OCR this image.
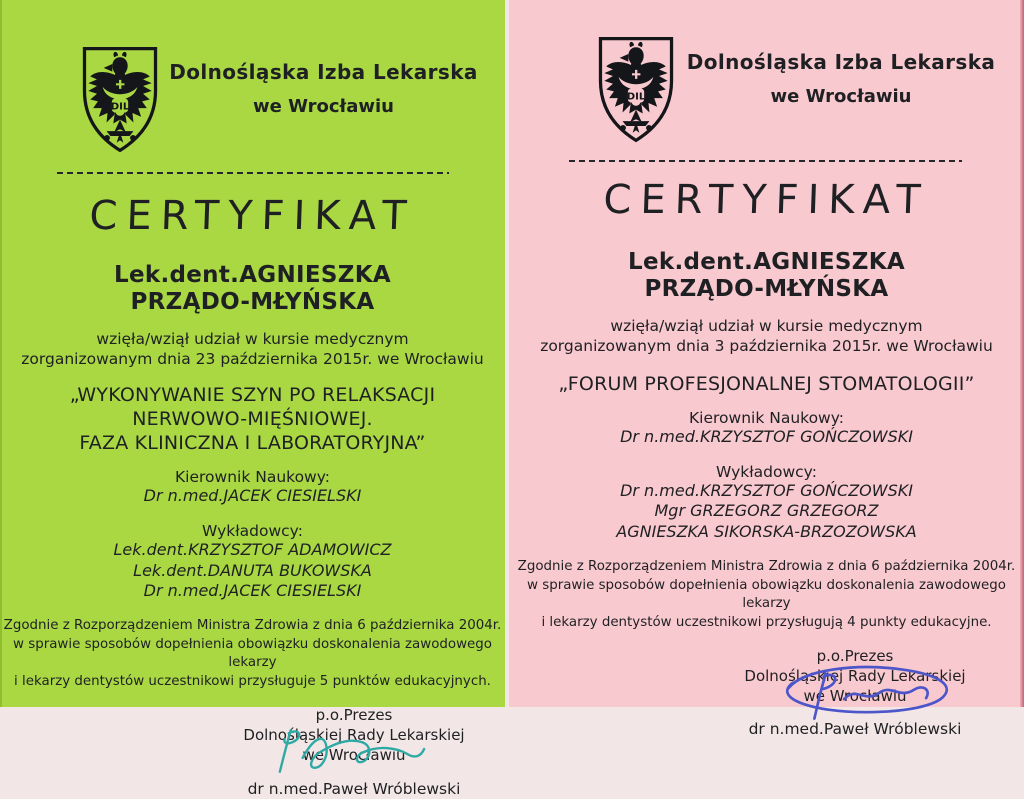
Dolnośląska Izba Lekarska
we Wrocławiu
CERTYFIKAT
Lek.dent.AGNIESZKA
PRZĄDO-MŁYŃSKA
wzięła/wziął udział w kursie medycznym
zorganizowanym dnia 23 października 2015r. we Wrocławiu
„WYKONYWANIE SZYN PO RELAKSACJI
NERWOWO-MIĘŚNIOWEJ.
FAZA KLINICZNA I LABORATORYJNA”
Kierownik Naukowy:
Dr n.med.JACEK CIESIELSKI
Wykładowcy:
Lek.dent.KRZYSZTOF ADAMOWICZ
Lek.dent.DANUTA BUKOWSKA
Dr n.med.JACEK CIESIELSKI
Zgodnie z Rozporządzeniem Ministra Zdrowia z dnia 6 października 2004r.
w sprawie sposobów dopełnienia obowiązku doskonalenia zawodowego lekarzy
i lekarzy dentystów uczestnikowi przysługuje 5 punktów edukacyjnych.
p.o.Prezes
Dolnośląskiej Rady Lekarskiej
we Wrocławiu
dr n.med.Paweł Wróblewski
Dolnośląska Izba Lekarska
we Wrocławiu
CERTYFIKAT
Lek.dent.AGNIESZKA
PRZĄDO-MŁYŃSKA
wzięła/wziął udział w kursie medycznym
zorganizowanym dnia 3 października 2015r. we Wrocławiu
„FORUM PROFESJONALNEJ STOMATOLOGII”
Kierownik Naukowy:
Dr n.med.KRZYSZTOF GOŃCZOWSKI
Wykładowcy:
Dr n.med.KRZYSZTOF GOŃCZOWSKI
Mgr GRZEGORZ GRZEGORZ
AGNIESZKA SIKORSKA-BRZOZOWSKA
Zgodnie z Rozporządzeniem Ministra Zdrowia z dnia 6 października 2004r.
w sprawie sposobów dopełnienia obowiązku doskonalenia zawodowego lekarzy
i lekarzy dentystów uczestnikowi przysługują 4 punkty edukacyjne.
p.o.Prezes
Dolnośląskiej Rady Lekarskiej
we Wrocławiu
dr n.med.Paweł Wróblewski
